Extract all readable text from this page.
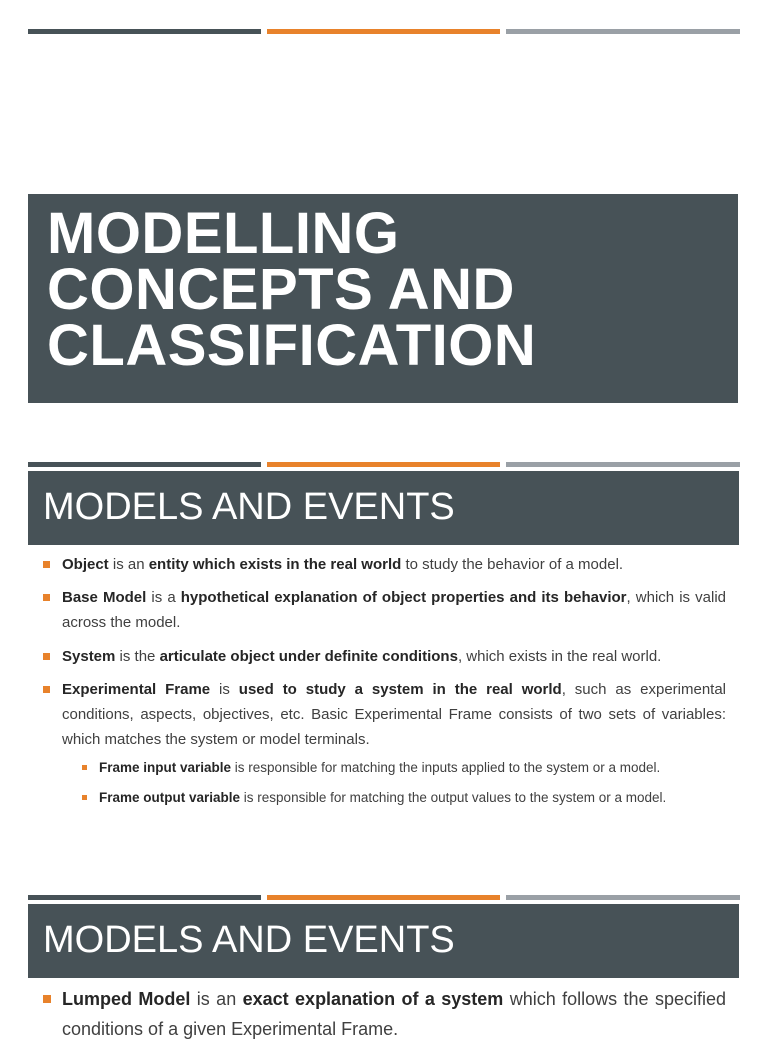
MODELLING
CONCEPTS AND
CLASSIFICATION
MODELS AND EVENTS
Object is an entity which exists in the real world to study the behavior of a model.
Base Model is a hypothetical explanation of object properties and its behavior, which is valid across the model.
System is the articulate object under definite conditions, which exists in the real world.
Experimental Frame is used to study a system in the real world, such as experimental conditions, aspects, objectives, etc. Basic Experimental Frame consists of two sets of variables: which matches the system or model terminals.
Frame input variable is responsible for matching the inputs applied to the system or a model.
Frame output variable is responsible for matching the output values to the system or a model.
MODELS AND EVENTS
Lumped Model is an exact explanation of a system which follows the specified conditions of a given Experimental Frame.
